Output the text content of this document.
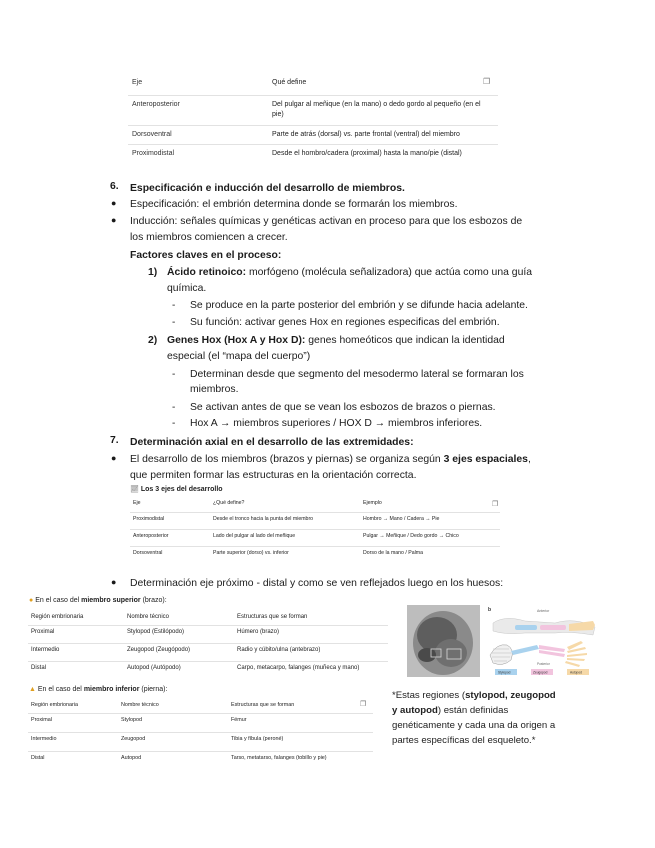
Eje	Qué define
Anteroposterior	Del pulgar al meñique (en la mano) o dedo gordo al pequeño (en el pie)
Dorsoventral	Parte de atrás (dorsal) vs. parte frontal (ventral) del miembro
Proximodistal	Desde el hombro/cadera (proximal) hasta la mano/pie (distal)
❐
6. Especificación e inducción del desarrollo de miembros.
● Especificación: el embrión determina donde se formarán los miembros.
● Inducción: señales químicas y genéticas activan en proceso para que los esbozos de
los miembros comiencen a crecer.
Factores claves en el proceso:
1) Ácido retinoico: morfógeno (molécula señalizadora) que actúa como una guía
química.
- Se produce en la parte posterior del embrión y se difunde hacia adelante.
- Su función: activar genes Hox en regiones especificas del embrión.
2) Genes Hox (Hox A y Hox D): genes homeóticos que indican la identidad
especial (el “mapa del cuerpo”)
- Determinan desde que segmento del mesodermo lateral se formaran los
miembros.
- Se activan antes de que se vean los esbozos de brazos o piernas.
- Hox A → miembros superiores / HOX D → miembros inferiores.
7. Determinación axial en el desarrollo de las extremidades:
● El desarrollo de los miembros (brazos y piernas) se organiza según 3 ejes espaciales,
que permiten formar las estructuras en la orientación correcta.
📈︎ Los 3 ejes del desarrollo
Eje	¿Qué define?	Ejemplo
Proximodistal	Desde el tronco hacia la punta del miembro	Hombro → Mano / Cadera → Pie
Anteroposterior	Lado del pulgar al lado del meñique	Pulgar → Meñique / Dedo gordo → Chico
Dorsoventral	Parte superior (dorso) vs. inferior	Dorso de la mano / Palma
❐
● Determinación eje próximo - distal y como se ven reflejados luego en los huesos:
● En el caso del miembro superior (brazo):
Región embrionaria	Nombre técnico	Estructuras que se forman
Proximal	Stylopod (Estilópodo)	Húmero (brazo)
Intermedio	Zeugopod (Zeugópodo)	Radio y cúbito/ulna (antebrazo)
Distal	Autopod (Autópodo)	Carpo, metacarpo, falanges (muñeca y mano)
▲ En el caso del miembro inferior (pierna):
Región embrionaria	Nombre técnico	Estructuras que se forman
Proximal	Stylopod	Fémur
Intermedio	Zeugopod	Tibia y fíbula (peroné)
Distal	Autopod	Tarso, metatarso, falanges (tobillo y pie)
❐
Anterior
b
Posterior
Stylopod	Zeugopod	Autopod
*Estas regiones (stylopod, zeugopod y autopod) están definidas genéticamente y cada una da origen a partes específicas del esqueleto.*
